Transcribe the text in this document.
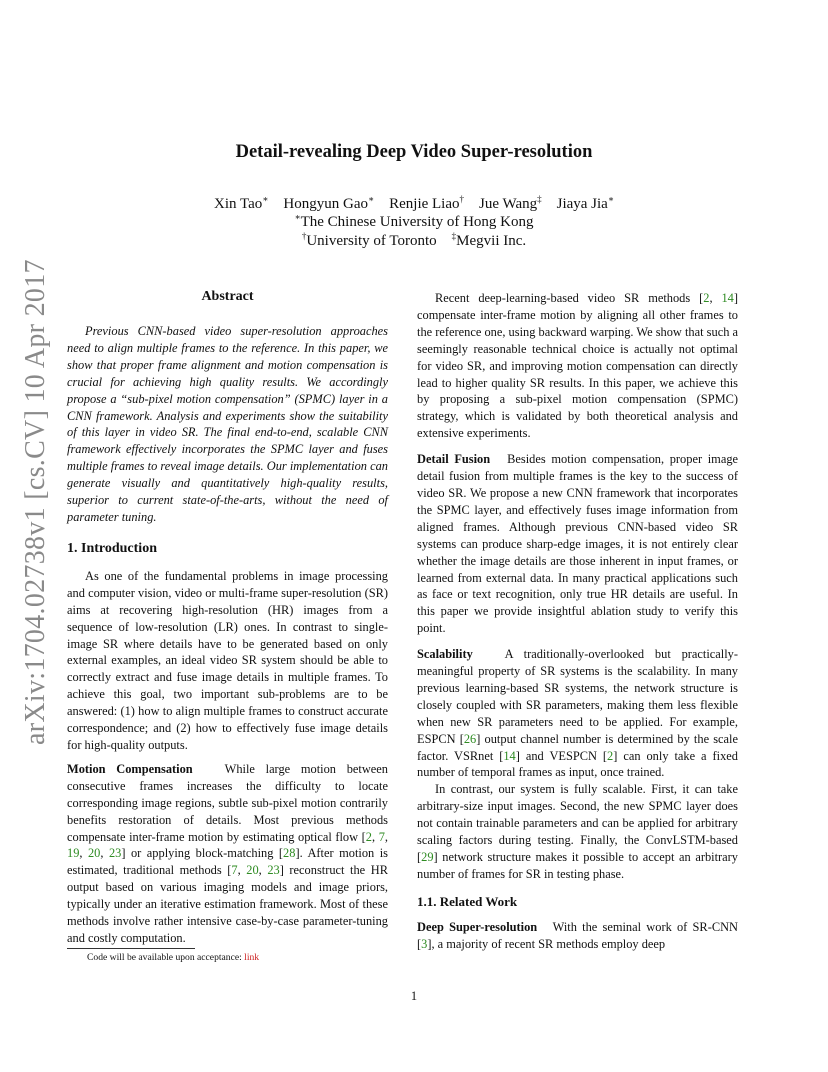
Detail-revealing Deep Video Super-resolution
Xin Tao∗ Hongyun Gao∗ Renjie Liao† Jue Wang‡ Jiaya Jia∗
∗The Chinese University of Hong Kong
†University of Toronto ‡Megvii Inc.
arXiv:1704.02738v1 [cs.CV] 10 Apr 2017	Abstract

Previous CNN-based video super-resolution approaches need to align multiple frames to the reference. In this paper, we show that proper frame alignment and motion compensation is crucial for achieving high quality results. We accordingly propose a “sub-pixel motion compensation” (SPMC) layer in a CNN framework. Analysis and experiments show the suitability of this layer in video SR. The final end-to-end, scalable CNN framework effectively incorporates the SPMC layer and fuses multiple frames to reveal image details. Our implementation can generate visually and quantitatively high-quality results, superior to current state-of-the-arts, without the need of parameter tuning.

1. Introduction

As one of the fundamental problems in image processing and computer vision, video or multi-frame super-resolution (SR) aims at recovering high-resolution (HR) images from a sequence of low-resolution (LR) ones. In contrast to single-image SR where details have to be generated based on only external examples, an ideal video SR system should be able to correctly extract and fuse image details in multiple frames. To achieve this goal, two important sub-problems are to be answered: (1) how to align multiple frames to construct accurate correspondence; and (2) how to effectively fuse image details for high-quality outputs.

Motion Compensation	While large motion between consecutive frames increases the difficulty to locate corresponding image regions, subtle sub-pixel motion contrarily benefits restoration of details. Most previous methods compensate inter-frame motion by estimating optical flow [2, 7, 19, 20, 23] or applying block-matching [28]. After motion is estimated, traditional methods [7, 20, 23] reconstruct the HR output based on various imaging models and image priors, typically under an iterative estimation framework. Most of these methods involve rather intensive case-by-case parameter-tuning and costly computation.

Code will be available upon acceptance: link

Recent deep-learning-based video SR methods [2, 14] compensate inter-frame motion by aligning all other frames to the reference one, using backward warping. We show that such a seemingly reasonable technical choice is actually not optimal for video SR, and improving motion compensation can directly lead to higher quality SR results. In this paper, we achieve this by proposing a sub-pixel motion compensation (SPMC) strategy, which is validated by both theoretical analysis and extensive experiments.

Detail Fusion Besides motion compensation, proper image detail fusion from multiple frames is the key to the success of video SR. We propose a new CNN framework that incorporates the SPMC layer, and effectively fuses image information from aligned frames. Although previous CNN-based video SR systems can produce sharp-edge images, it is not entirely clear whether the image details are those inherent in input frames, or learned from external data. In many practical applications such as face or text recognition, only true HR details are useful. In this paper we provide insightful ablation study to verify this point.

Scalability	A traditionally-overlooked but practically-meaningful property of SR systems is the scalability. In many previous learning-based SR systems, the network structure is closely coupled with SR parameters, making them less flexible when new SR parameters need to be applied. For example, ESPCN [26] output channel number is determined by the scale factor. VSRnet [14] and VESPCN [2] can only take a fixed number of temporal frames as input, once trained.

In contrast, our system is fully scalable. First, it can take arbitrary-size input images. Second, the new SPMC layer does not contain trainable parameters and can be applied for arbitrary scaling factors during testing. Finally, the ConvLSTM-based [29] network structure makes it possible to accept an arbitrary number of frames for SR in testing phase.

1.1. Related Work

Deep Super-resolution With the seminal work of SR-CNN [3], a majority of recent SR methods employ deep

1
